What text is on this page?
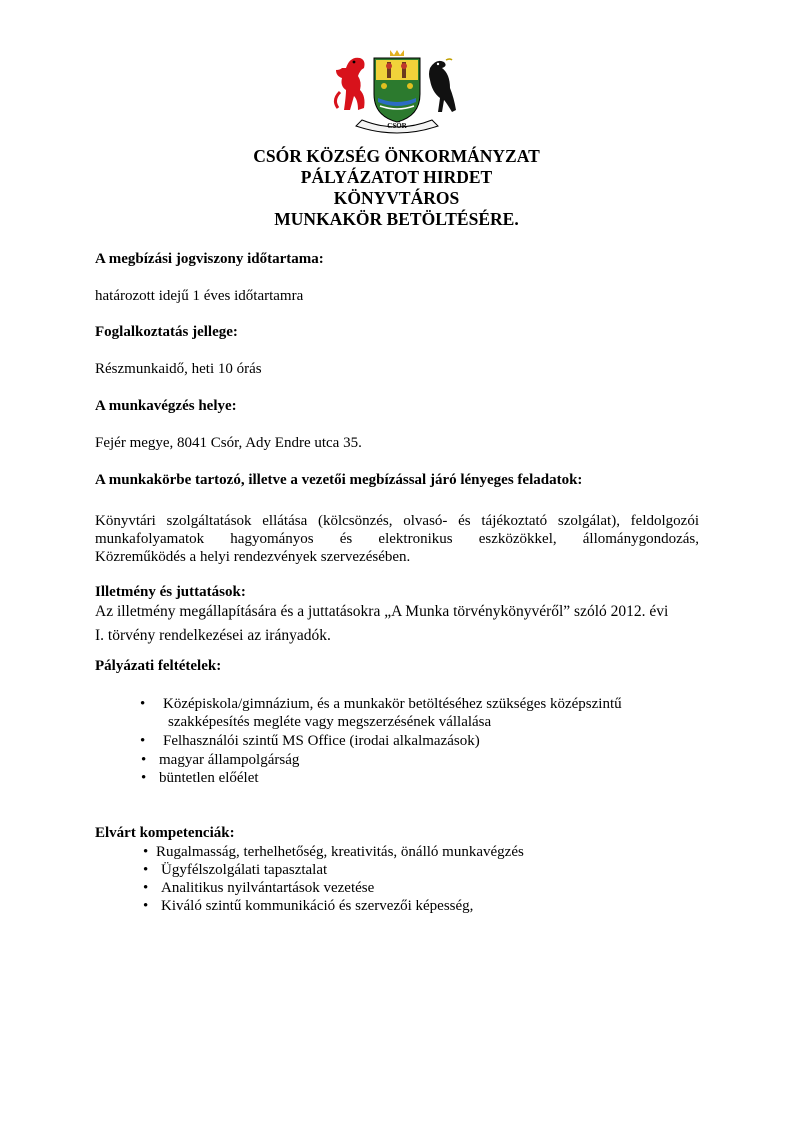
CSÓR
CSÓR KÖZSÉG ÖNKORMÁNYZAT
PÁLYÁZATOT HIRDET
KÖNYVTÁROS
MUNKAKÖR BETÖLTÉSÉRE.
A megbízási jogviszony időtartama:
határozott idejű 1 éves időtartamra
Foglalkoztatás jellege:
Részmunkaidő, heti 10 órás
A munkavégzés helye:
Fejér megye, 8041 Csór, Ady Endre utca 35.
A munkakörbe tartozó, illetve a vezetői megbízással járó lényeges feladatok:
Könyvtári szolgáltatások ellátása (kölcsönzés, olvasó- és tájékoztató szolgálat), feldolgozói
munkafolyamatok hagyományos és elektronikus eszközökkel, állománygondozás,
Közreműködés a helyi rendezvények szervezésében.
Illetmény és juttatások:
Az illetmény megállapítására és a juttatásokra „A Munka törvénykönyvéről” szóló 2012. évi
I. törvény rendelkezései az irányadók.
Pályázati feltételek:
• Középiskola/gimnázium, és a munkakör betöltéséhez szükséges középszintű
szakképesítés megléte vagy megszerzésének vállalása
• Felhasználói szintű MS Office (irodai alkalmazások)
• magyar állampolgárság
• büntetlen előélet
Elvárt kompetenciák:
• Rugalmasság, terhelhetőség, kreativitás, önálló munkavégzés
• Ügyfélszolgálati tapasztalat
• Analitikus nyilvántartások vezetése
• Kiváló szintű kommunikáció és szervezői képesség,
